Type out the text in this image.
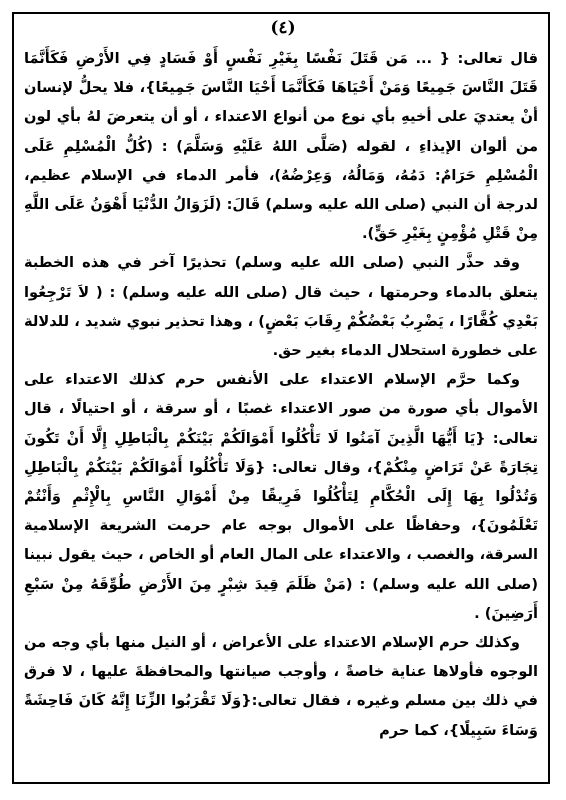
(٤)

قال تعالى: { ... مَن قَتَلَ نَفْسًا بِغَيْرِ نَفْسٍ أَوْ فَسَادٍ فِي الأَرْضِ فَكَأَنَّمَا قَتَلَ النَّاسَ جَمِيعًا وَمَنْ أَحْيَاهَا فَكَأَنَّمَا أَحْيَا النَّاسَ جَمِيعًا}، فلا يحلُّ لإنسان أنْ يعتديَ على أخيهِ بأي نوع من أنواع الاعتداء ، أو أن يتعرضَ لهُ بأي لون من ألوان الإيذاءِ ، لقوله (صَلَّى اللهُ عَلَيْهِ وَسَلَّمَ) : (كُلُّ الْمُسْلِمِ عَلَى الْمُسْلِمِ حَرَامٌ: دَمُهُ، وَمَالُهُ، وَعِرْضُهُ)، فأمر الدماء في الإسلام عظيم، لدرجة أن النبي (صلى الله عليه وسلم) قَالَ: (لَزَوَالُ الدُّنْيَا أَهْوَنُ عَلَى اللَّهِ مِنْ قَتْلِ مُؤْمِنٍ بِغَيْرِ حَقٍّ).

وقد حذَّر النبي (صلى الله عليه وسلم) تحذيرًا آخر في هذه الخطبة يتعلق بالدماء وحرمتها ، حيث قال (صلى الله عليه وسلم) : ( لاَ تَرْجِعُوا بَعْدِي كُفَّارًا ، يَضْرِبُ بَعْضُكُمْ رِقَابَ بَعْضٍ) ، وهذا تحذير نبوي شديد ، للدلالة على خطورة استحلال الدماء بغير حق.

وكما حرَّم الإسلام الاعتداء على الأنفس حرم كذلك الاعتداء على الأموال بأي صورة من صور الاعتداء غصبًا ، أو سرقة ، أو احتيالًا ، قال تعالى: {يَا أَيُّهَا الَّذِينَ آمَنُوا لَا تَأْكُلُوا أَمْوَالَكُمْ بَيْنَكُمْ بِالْبَاطِلِ إِلَّا أَنْ تَكُونَ تِجَارَةً عَنْ تَرَاضٍ مِنْكُمْ}، وقال تعالى: {وَلَا تَأْكُلُوا أَمْوَالَكُمْ بَيْنَكُمْ بِالْبَاطِلِ وَتُدْلُوا بِهَا إِلَى الْحُكَّامِ لِتَأْكُلُوا فَرِيقًا مِنْ أَمْوَالِ النَّاسِ بِالْإِثْمِ وَأَنْتُمْ تَعْلَمُونَ}، وحفاظًا على الأموال بوجه عام حرمت الشريعة الإسلامية السرقة، والغصب ، والاعتداء على المال العام أو الخاص ، حيث يقول نبينا (صلى الله عليه وسلم) : (مَنْ ظَلَمَ قِيدَ شِبْرٍ مِنَ الأَرْضِ طُوِّقَهُ مِنْ سَبْعِ أَرَضِينَ) .

وكذلك حرم الإسلام الاعتداء على الأعراض ، أو النيل منها بأي وجه من الوجوه فأولاها عناية خاصةً ، وأوجب صيانتها والمحافظةَ عليها ، لا فرق في ذلك بين مسلم وغيره ، فقال تعالى:{وَلَا تَقْرَبُوا الزِّنَا إِنَّهُ كَانَ فَاحِشَةً وَسَاءَ سَبِيلًا}، كما حرم
